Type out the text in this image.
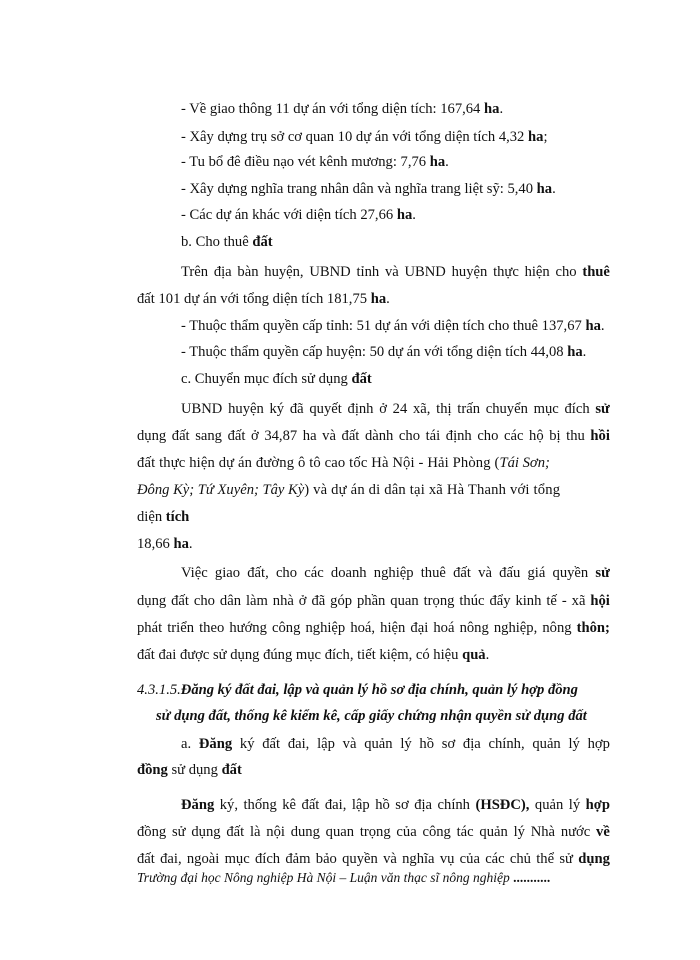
- Về giao thông 11 dự án với tổng diện tích: 167,64 ha.
- Xây dựng trụ sở cơ quan 10 dự án với tổng diện tích 4,32 ha;
- Tu bổ đê điều nạo vét kênh mương: 7,76 ha.
- Xây dựng nghĩa trang nhân dân và nghĩa trang liệt sỹ: 5,40 ha.
- Các dự án khác với diện tích 27,66 ha.
b. Cho thuê đất
Trên địa bàn huyện, UBND tỉnh và UBND huyện thực hiện cho thuê
đất 101 dự án với tổng diện tích 181,75 ha.
- Thuộc thẩm quyền cấp tỉnh: 51 dự án với diện tích cho thuê 137,67 ha.
- Thuộc thẩm quyền cấp huyện: 50 dự án với tổng diện tích 44,08 ha.
c. Chuyển mục đích sử dụng đất
UBND huyện ký đã quyết định ở 24 xã, thị trấn chuyển mục đích sử
dụng đất sang đất ở 34,87 ha và đất dành cho tái định cho các hộ bị thu hồi
đất thực hiện dự án đường ô tô cao tốc Hà Nội - Hải Phòng (Tái Sơn;
Đông Kỳ; Tứ Xuyên; Tây Kỳ) và dự án di dân tại xã Hà Thanh với tổng
diện tích
18,66 ha.
Việc giao đất, cho các doanh nghiệp thuê đất và đấu giá quyền sử
dụng đất cho dân làm nhà ở đã góp phần quan trọng thúc đẩy kinh tế - xã hội
phát triển theo hướng công nghiệp hoá, hiện đại hoá nông nghiệp, nông thôn;
đất đai được sử dụng đúng mục đích, tiết kiệm, có hiệu quả.
4.3.1.5.Đăng ký đất đai, lập và quản lý hồ sơ địa chính, quản lý hợp đồng
sử dụng đất, thống kê kiểm kê, cấp giấy chứng nhận quyền sử dụng đất
a. Đăng ký đất đai, lập và quản lý hồ sơ địa chính, quản lý hợp
đồng sử dụng đất
Đăng ký, thống kê đất đai, lập hồ sơ địa chính (HSĐC), quản lý hợp
đồng sử dụng đất là nội dung quan trọng của công tác quản lý Nhà nước về
đất đai, ngoài mục đích đảm bảo quyền và nghĩa vụ của các chủ thể sử dụng
Trường đại học Nông nghiệp Hà Nội – Luận văn thạc sĩ nông nghiệp ...........
